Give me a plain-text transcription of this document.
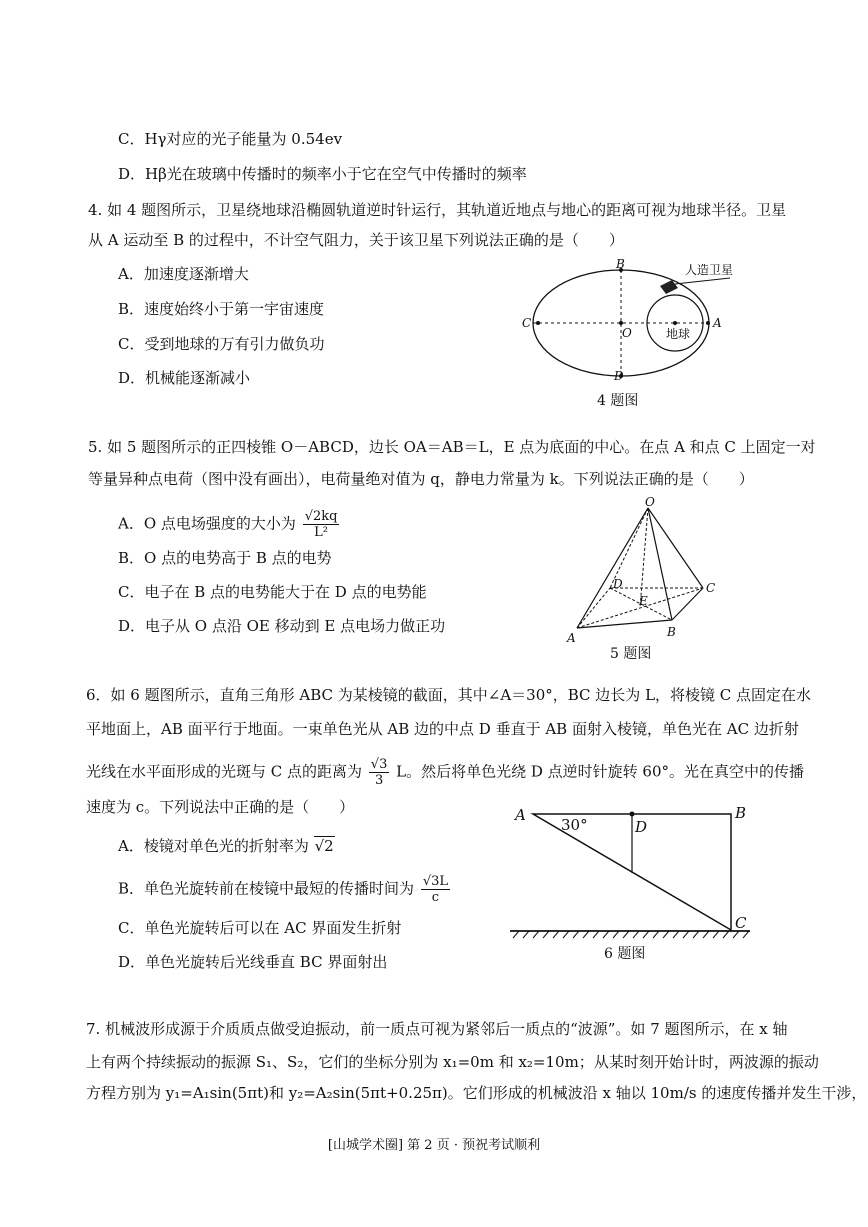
C．Hγ对应的光子能量为 0.54ev
D．Hβ光在玻璃中传播时的频率小于它在空气中传播时的频率
4. 如 4 题图所示，卫星绕地球沿椭圆轨道逆时针运行，其轨道近地点与地心的距离可视为地球半径。卫星
从 A 运动至 B 的过程中，不计空气阻力，关于该卫星下列说法正确的是（　　）
A．加速度逐渐增大
B．速度始终小于第一宇宙速度
C．受到地球的万有引力做负功
D．机械能逐渐减小
B
C
O
A
D
地球
人造卫星
4 题图
5. 如 5 题图所示的正四棱锥 O－ABCD，边长 OA＝AB＝L，E 点为底面的中心。在点 A 和点 C 上固定一对
等量异种点电荷（图中没有画出），电荷量绝对值为 q，静电力常量为 k。下列说法正确的是（　　）
A．O 点电场强度的大小为 $\frac{√2kq}{\text{L²}}$
B．O 点的电势高于 B 点的电势
C．电子在 B 点的电势能大于在 D 点的电势能
D．电子从 O 点沿 OE 移动到 E 点电场力做正功
O
A	B
C
D
E
5 题图
6．如 6 题图所示，直角三角形 ABC 为某棱镜的截面，其中∠A＝30°，BC 边长为 L，将棱镜 C 点固定在水
平地面上，AB 面平行于地面。一束单色光从 AB 边的中点 D 垂直于 AB 面射入棱镜，单色光在 AC 边折射
光线在水平面形成的光斑与 C 点的距离为 $\frac{√3}{3}$ L。然后将单色光绕 D 点逆时针旋转 60°。光在真空中的传播
速度为 c。下列说法中正确的是（　　）
A．棱镜对单色光的折射率为 √2
B．单色光旋转前在棱镜中最短的传播时间为 $\frac{√3L}{c}$
C．单色光旋转后可以在 AC 界面发生折射
D．单色光旋转后光线垂直 BC 界面射出
A	B
C
D
30°
6 题图
7. 机械波形成源于介质质点做受迫振动，前一质点可视为紧邻后一质点的“波源”。如 7 题图所示，在 x 轴
上有两个持续振动的振源 S₁、S₂，它们的坐标分别为 x₁=0m 和 x₂=10m；从某时刻开始计时，两波源的振动
方程方别为 y₁=A₁sin(5πt)和 y₂=A₂sin(5πt+0.25π)。它们形成的机械波沿 x 轴以 10m/s 的速度传播并发生干涉，
[山城学术圈] 第 2 页 · 预祝考试顺利
